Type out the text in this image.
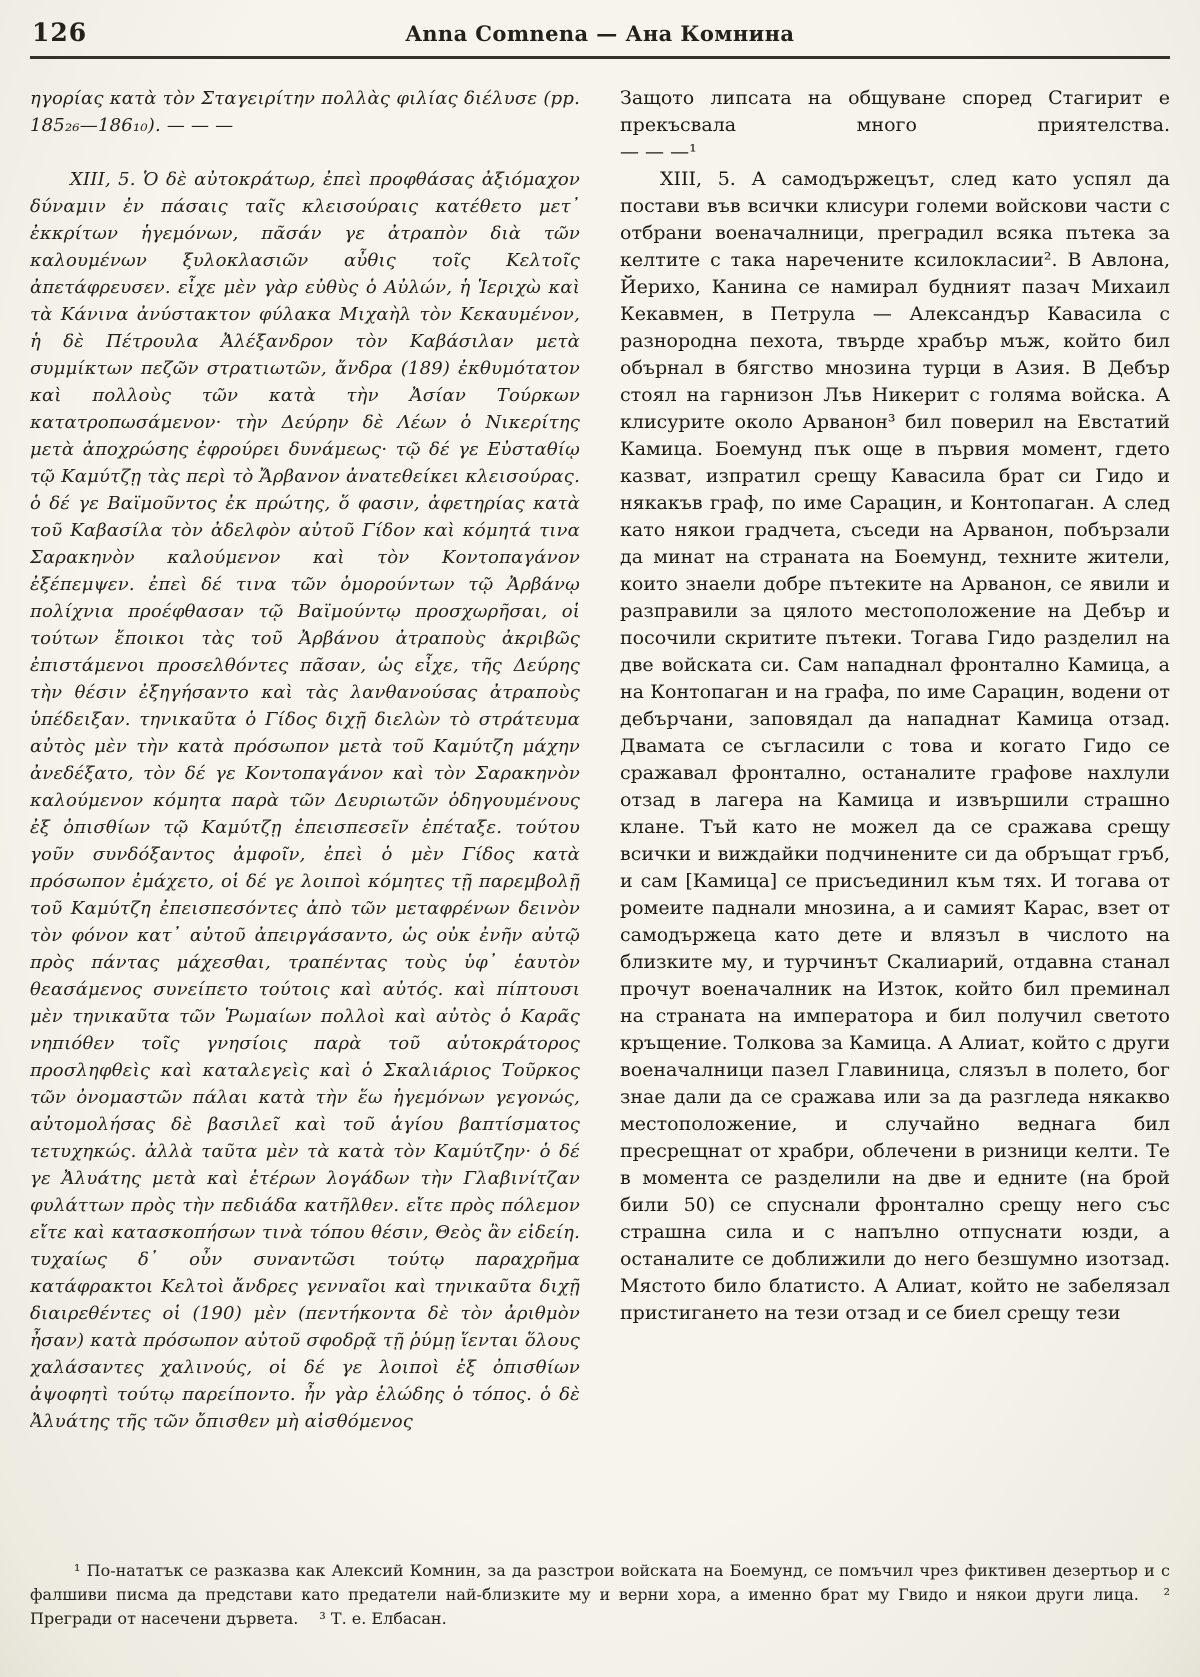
126	Anna Comnena — Ана Комнина

ηγορίας κατὰ τὸν Σταγειρίτην πολλὰς φιλίας διέλυσε (pp. 185₂₆—186₁₀). — — —

XIII, 5. Ὁ δὲ αὐτοκράτωρ, ἐπεὶ προφθάσας ἀξιόμαχον δύναμιν ἐν πάσαις ταῖς κλεισούραις κατέθετο μετ᾽ ἐκκρίτων ἡγεμόνων, πᾶσάν γε ἀτραπὸν διὰ τῶν καλουμένων ξυλοκλασιῶν αὖθις τοῖς Κελτοῖς ἀπετάφρευσεν. εἶχε μὲν γὰρ εὐθὺς ὁ Αὐλών, ἡ Ἱεριχὼ καὶ τὰ Κάνινα ἀνύστακτον φύλακα Μιχαὴλ τὸν Κεκαυμένον, ἡ δὲ Πέτρουλα Ἀλέξανδρον τὸν Καβάσιλαν μετὰ συμμίκτων πεζῶν στρατιωτῶν, ἄνδρα (189) ἐκθυμότατον καὶ πολλοὺς τῶν κατὰ τὴν Ἀσίαν Τούρκων κατατροπωσάμενον· τὴν Δεύρην δὲ Λέων ὁ Νικερίτης μετὰ ἀποχρώσης ἐφρούρει δυνάμεως· τῷ δέ γε Εὐσταθίῳ τῷ Καμύτζῃ τὰς περὶ τὸ Ἄρβανον ἀνατεθείκει κλεισούρας. ὁ δέ γε Βαϊμοῦντος ἐκ πρώτης, ὅ φασιν, ἀφετηρίας κατὰ τοῦ Καβασίλα τὸν ἀδελφὸν αὐτοῦ Γίδον καὶ κόμητά τινα Σαρακηνὸν καλούμενον καὶ τὸν Κοντοπαγάνον ἐξέπεμψεν. ἐπεὶ δέ τινα τῶν ὁμορούντων τῷ Ἀρβάνῳ πολίχνια προέφθασαν τῷ Βαϊμούντῳ προσχωρῆσαι, οἱ τούτων ἔποικοι τὰς τοῦ Ἀρβάνου ἀτραποὺς ἀκριβῶς ἐπιστάμενοι προσελθόντες πᾶσαν, ὡς εἶχε, τῆς Δεύρης τὴν θέσιν ἐξηγήσαντο καὶ τὰς λανθανούσας ἀτραποὺς ὑπέδειξαν. τηνικαῦτα ὁ Γίδος διχῇ διελὼν τὸ στράτευμα αὐτὸς μὲν τὴν κατὰ πρόσωπον μετὰ τοῦ Καμύτζη μάχην ἀνεδέξατο, τὸν δέ γε Κοντοπαγάνον καὶ τὸν Σαρακηνὸν καλούμενον κόμητα παρὰ τῶν Δευριωτῶν ὁδηγουμένους ἐξ ὀπισθίων τῷ Καμύτζῃ ἐπεισπεσεῖν ἐπέταξε. τούτου γοῦν συνδόξαντος ἀμφοῖν, ἐπεὶ ὁ μὲν Γίδος κατὰ πρόσωπον ἐμάχετο, οἱ δέ γε λοιποὶ κόμητες τῇ παρεμβολῇ τοῦ Καμύτζη ἐπεισπεσόντες ἀπὸ τῶν μεταφρένων δεινὸν τὸν φόνον κατ᾽ αὐτοῦ ἀπειργάσαντο, ὡς οὐκ ἐνῆν αὐτῷ πρὸς πάντας μάχεσθαι, τραπέντας τοὺς ὑφ᾽ ἑαυτὸν θεασάμενος συνείπετο τούτοις καὶ αὐτός. καὶ πίπτουσι μὲν τηνικαῦτα τῶν Ῥωμαίων πολλοὶ καὶ αὐτὸς ὁ Καρᾶς νηπιόθεν τοῖς γνησίοις παρὰ τοῦ αὐτοκράτορος προσληφθεὶς καὶ καταλεγεὶς καὶ ὁ Σκαλιάριος Τοῦρκος τῶν ὀνομαστῶν πάλαι κατὰ τὴν ἕω ἡγεμόνων γεγονώς, αὐτομολήσας δὲ βασιλεῖ καὶ τοῦ ἁγίου βαπτίσματος τετυχηκώς. ἀλλὰ ταῦτα μὲν τὰ κατὰ τὸν Καμύτζην· ὁ δέ γε Ἀλυάτης μετὰ καὶ ἑτέρων λογάδων τὴν Γλαβινίτζαν φυλάττων πρὸς τὴν πεδιάδα κατῆλθεν. εἴτε πρὸς πόλεμον εἴτε καὶ κατασκοπήσων τινὰ τόπου θέσιν, Θεὸς ἂν εἰδείη. τυχαίως δ᾽ οὖν συναντῶσι τούτῳ παραχρῆμα κατάφρακτοι Κελτοὶ ἄνδρες γενναῖοι καὶ τηνικαῦτα διχῇ διαιρεθέντες οἱ (190) μὲν (πεντήκοντα δὲ τὸν ἀριθμὸν ἦσαν) κατὰ πρόσωπον αὐτοῦ σφοδρᾷ τῇ ῥύμῃ ἵενται ὅλους χαλάσαντες χαλινούς, οἱ δέ γε λοιποὶ ἐξ ὀπισθίων ἀψοφητὶ τούτῳ παρείποντο. ἦν γὰρ ἑλώδης ὁ τόπος. ὁ δὲ Ἀλυάτης τῆς τῶν ὄπισθεν μὴ αἰσθόμενος

Защото липсата на общуване според Стагирит е прекъсвала много приятелства.

— — —¹

XIII, 5. А самодържецът, след като успял да постави във всички клисури големи войскови части с отбрани военачалници, преградил всяка пътека за келтите с така наречените ксилокласии². В Авлона, Йерихо, Канина се намирал будният пазач Михаил Кекавмен, в Петрула — Александър Кавасила с разнородна пехота, твърде храбър мъж, който бил обърнал в бягство мнозина турци в Азия. В Дебър стоял на гарнизон Лъв Никерит с голяма войска. А клисурите около Арванон³ бил поверил на Евстатий Камица. Боемунд пък още в първия момент, гдето казват, изпратил срещу Кавасила брат си Гидо и някакъв граф, по име Сарацин, и Контопаган. А след като някои градчета, съседи на Арванон, побързали да минат на страната на Боемунд, техните жители, които знаели добре пътеките на Арванон, се явили и разправили за цялото местоположение на Дебър и посочили скритите пътеки. Тогава Гидо разделил на две войската си. Сам нападнал фронтално Камица, а на Контопаган и на графа, по име Сарацин, водени от дебърчани, заповядал да нападнат Камица отзад. Двамата се съгласили с това и когато Гидо се сражавал фронтално, останалите графове нахлули отзад в лагера на Камица и извършили страшно клане. Тъй като не можел да се сражава срещу всички и виждайки подчинените си да обръщат гръб, и сам [Камица] се присъединил към тях. И тогава от ромеите паднали мнозина, а и самият Карас, взет от самодържеца като дете и влязъл в числото на близките му, и турчинът Скалиарий, отдавна станал прочут военачалник на Изток, който бил преминал на страната на императора и бил получил светото кръщение. Толкова за Камица. А Алиат, който с други военачалници пазел Главиница, слязъл в полето, бог знае дали да се сражава или за да разгледа някакво местоположение, и случайно веднага бил пресрещнат от храбри, облечени в ризници келти. Те в момента се разделили на две и едните (на брой били 50) се спуснали фронтално срещу него със страшна сила и с напълно отпуснати юзди, а останалите се доближили до него безшумно изотзад. Мястото било блатисто. А Алиат, който не забелязал пристигането на тези отзад и се биел срещу тези

¹ По-нататък се разказва как Алексий Комнин, за да разстрои войската на Боемунд, се помъчил чрез фиктивен дезертьор и с фалшиви писма да представи като предатели най-близките му и верни хора, а именно брат му Гвидо и някои други лица. ² Прегради от насечени дървета. ³ Т. е. Елбасан.
